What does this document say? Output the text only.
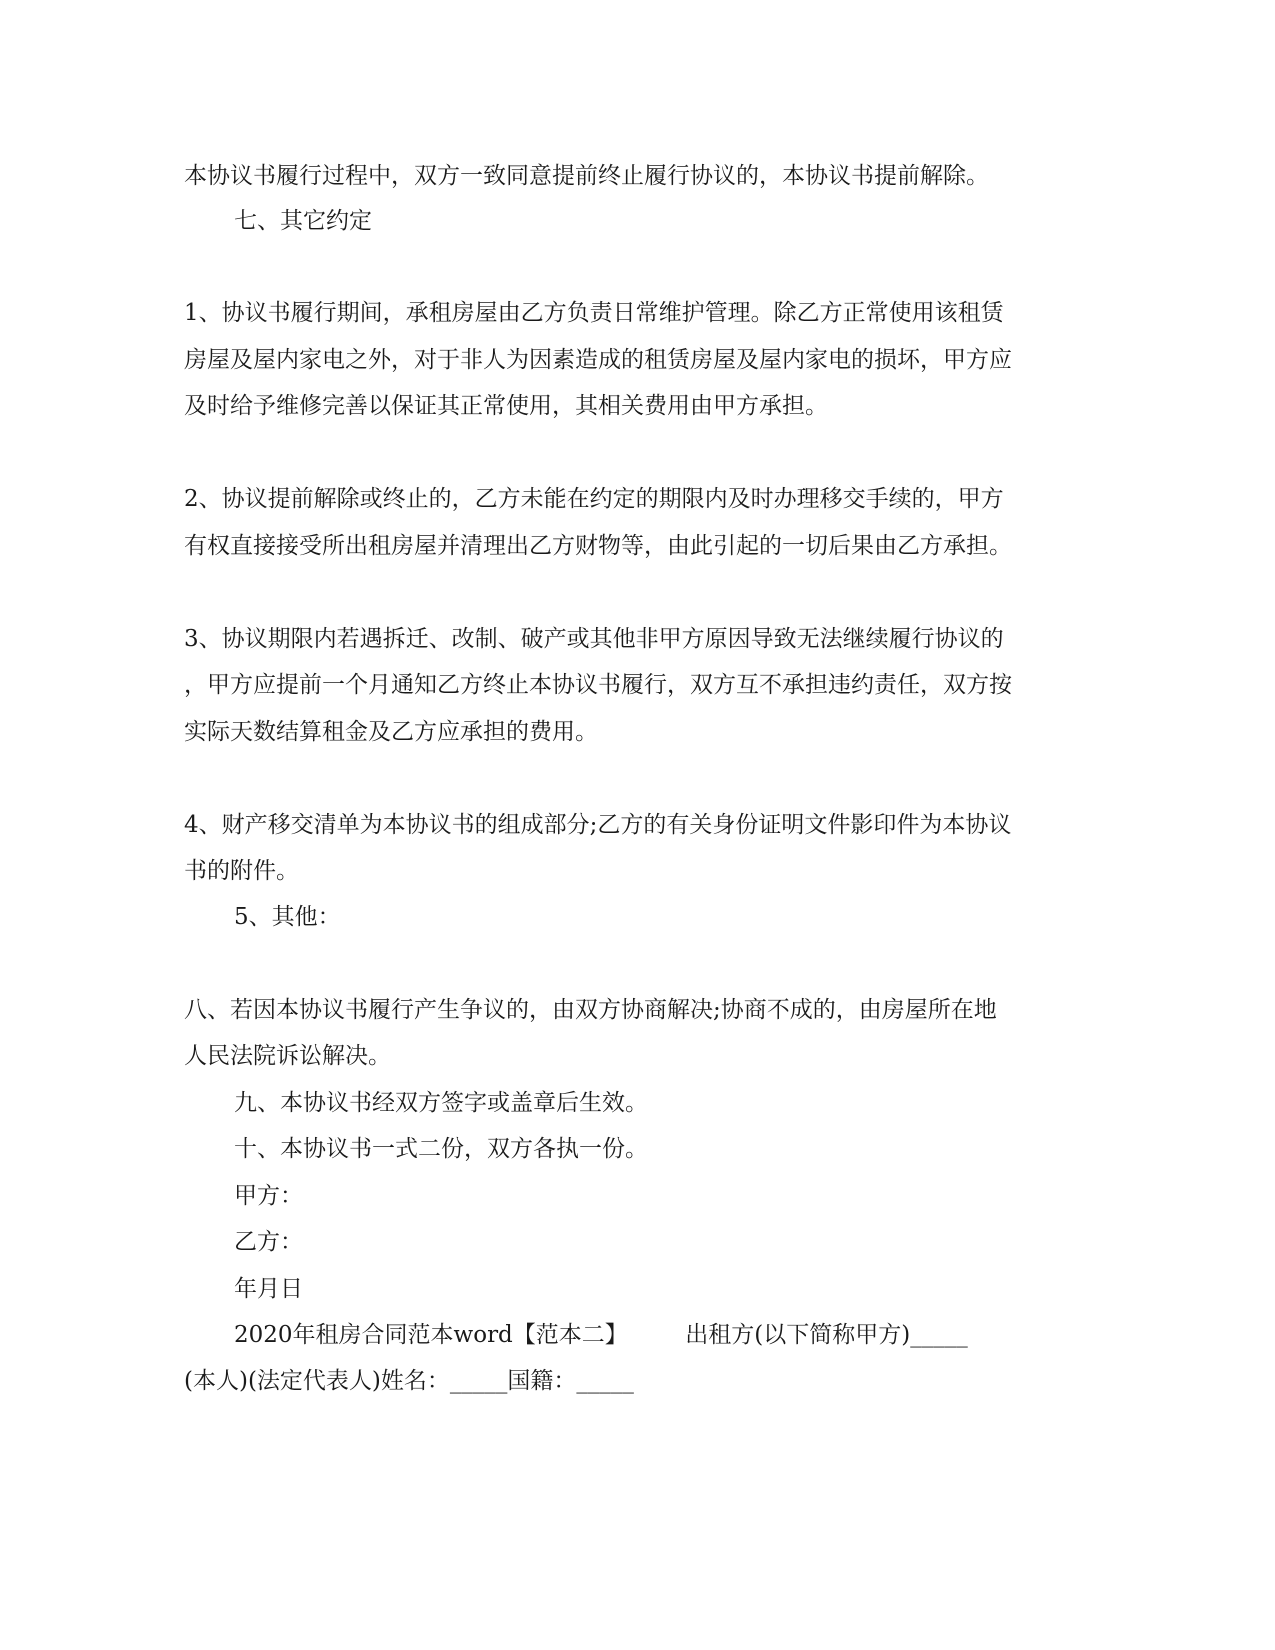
本协议书履行过程中，双方一致同意提前终止履行协议的，本协议书提前解除。

七、其它约定

1、协议书履行期间，承租房屋由乙方负责日常维护管理。除乙方正常使用该租赁

房屋及屋内家电之外，对于非人为因素造成的租赁房屋及屋内家电的损坏，甲方应

及时给予维修完善以保证其正常使用，其相关费用由甲方承担。

2、协议提前解除或终止的，乙方未能在约定的期限内及时办理移交手续的，甲方

有权直接接受所出租房屋并清理出乙方财物等，由此引起的一切后果由乙方承担。

3、协议期限内若遇拆迁、改制、破产或其他非甲方原因导致无法继续履行协议的

，甲方应提前一个月通知乙方终止本协议书履行，双方互不承担违约责任，双方按

实际天数结算租金及乙方应承担的费用。

4、财产移交清单为本协议书的组成部分;乙方的有关身份证明文件影印件为本协议

书的附件。

5、其他：

八、若因本协议书履行产生争议的，由双方协商解决;协商不成的，由房屋所在地

人民法院诉讼解决。

九、本协议书经双方签字或盖章后生效。

十、本协议书一式二份，双方各执一份。

甲方：

乙方：

年月日

2020年租房合同范本word【范本二】　　　出租方(以下简称甲方)_____

(本人)(法定代表人)姓名：_____国籍：_____
